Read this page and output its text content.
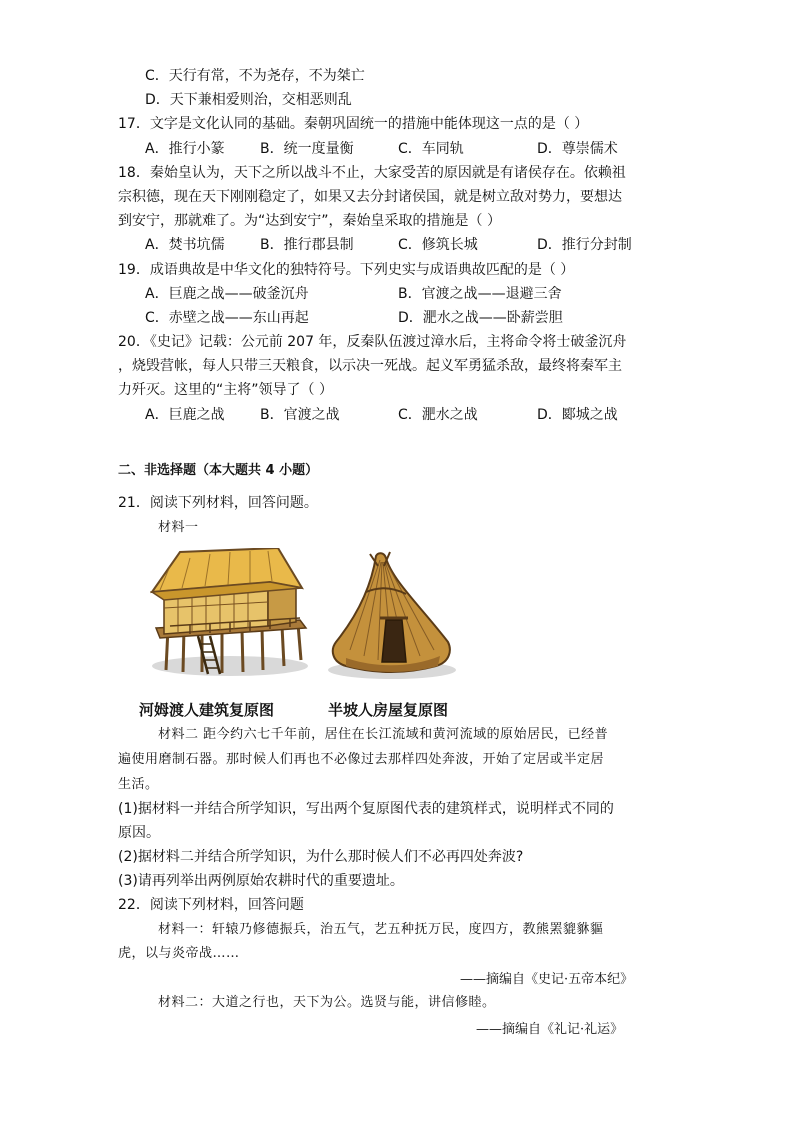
C．天行有常，不为尧存，不为桀亡
D．天下兼相爱则治，交相恶则乱
17．文字是文化认同的基础。秦朝巩固统一的措施中能体现这一点的是（ ）
A．推行小篆	B．统一度量衡	C．车同轨	D．尊崇儒术
18．秦始皇认为，天下之所以战斗不止，大家受苦的原因就是有诸侯存在。依赖祖
宗积德，现在天下刚刚稳定了，如果又去分封诸侯国，就是树立敌对势力，要想达
到安宁，那就难了。为“达到安宁”，秦始皇采取的措施是（ ）
A．焚书坑儒	B．推行郡县制	C．修筑长城	D．推行分封制
19．成语典故是中华文化的独特符号。下列史实与成语典故匹配的是（ ）
A．巨鹿之战——破釜沉舟	B．官渡之战——退避三舍
C．赤壁之战——东山再起	D．淝水之战——卧薪尝胆
20．《史记》记载：公元前 207 年，反秦队伍渡过漳水后，主将命令将士破釜沉舟
，烧毁营帐，每人只带三天粮食，以示决一死战。起义军勇猛杀敌，最终将秦军主
力歼灭。这里的“主将”领导了（ ）
A．巨鹿之战	B．官渡之战	C．淝水之战	D．郾城之战
二、非选择题（本大题共 4 小题）
21．阅读下列材料，回答问题。
材料一
河姆渡人建筑复原图	半坡人房屋复原图
材料二 距今约六七千年前，居住在长江流域和黄河流域的原始居民，已经普
遍使用磨制石器。那时候人们再也不必像过去那样四处奔波，开始了定居或半定居
生活。
(1)据材料一并结合所学知识，写出两个复原图代表的建筑样式，说明样式不同的
原因。
(2)据材料二并结合所学知识，为什么那时候人们不必再四处奔波?
(3)请再列举出两例原始农耕时代的重要遗址。
22．阅读下列材料，回答问题
材料一：轩辕乃修德振兵，治五气，艺五种抚万民，度四方，教熊罴貔貅貙
虎，以与炎帝战……
——摘编自《史记·五帝本纪》
材料二：大道之行也，天下为公。选贤与能，讲信修睦。
——摘编自《礼记·礼运》
